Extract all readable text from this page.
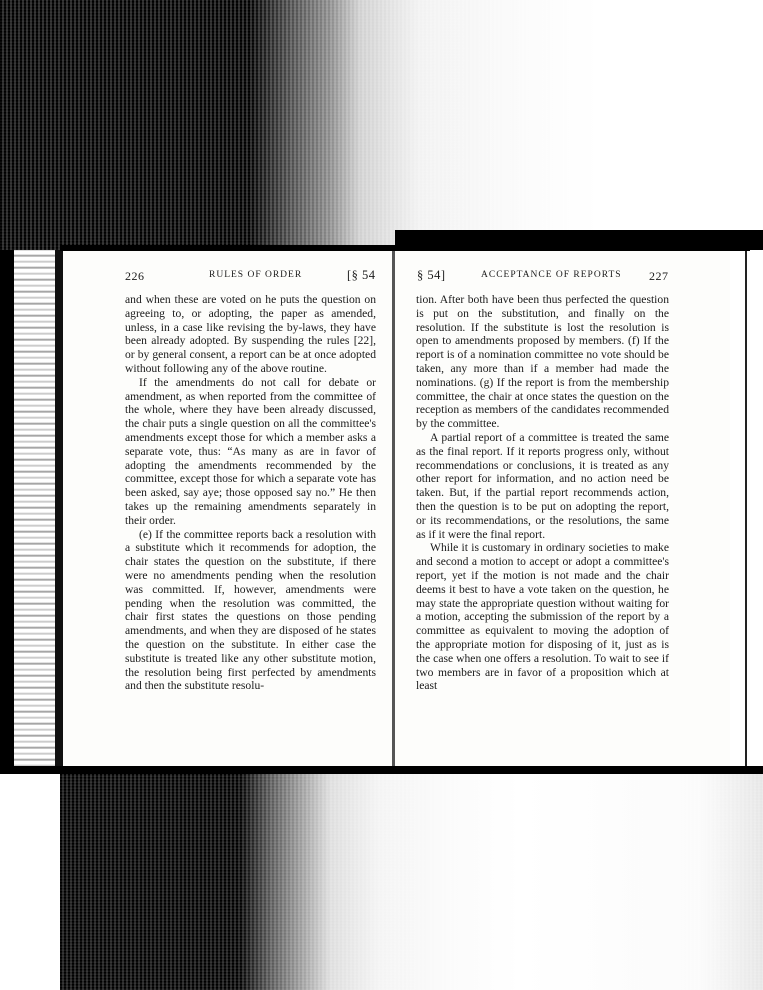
226	RULES OF ORDER	[§ 54

and when these are voted on he puts the question on agreeing to, or adopting, the paper as amended, unless, in a case like revising the by-laws, they have been already adopted. By suspending the rules [22], or by general consent, a report can be at once adopted without following any of the above routine.

If the amendments do not call for debate or amendment, as when reported from the committee of the whole, where they have been already discussed, the chair puts a single question on all the committee's amendments except those for which a member asks a separate vote, thus: “As many as are in favor of adopting the amendments recommended by the committee, except those for which a separate vote has been asked, say aye; those opposed say no.” He then takes up the remaining amendments separately in their order.

(e) If the committee reports back a resolution with a substitute which it recommends for adoption, the chair states the question on the substitute, if there were no amendments pending when the resolution was committed. If, however, amendments were pending when the resolution was committed, the chair first states the questions on those pending amendments, and when they are disposed of he states the question on the substitute. In either case the substitute is treated like any other substitute motion, the resolution being first perfected by amendments and then the substitute resolu-

§ 54]	ACCEPTANCE OF REPORTS 227

tion. After both have been thus perfected the question is put on the substitution, and finally on the resolution. If the substitute is lost the resolution is open to amendments proposed by members. (f) If the report is of a nomination committee no vote should be taken, any more than if a member had made the nominations. (g) If the report is from the membership committee, the chair at once states the question on the reception as members of the candidates recommended by the committee.

A partial report of a committee is treated the same as the final report. If it reports progress only, without recommendations or conclusions, it is treated as any other report for information, and no action need be taken. But, if the partial report recommends action, then the question is to be put on adopting the report, or its recommendations, or the resolutions, the same as if it were the final report.

While it is customary in ordinary societies to make and second a motion to accept or adopt a committee's report, yet if the motion is not made and the chair deems it best to have a vote taken on the question, he may state the appropriate question without waiting for a motion, accepting the submission of the report by a committee as equivalent to moving the adoption of the appropriate motion for disposing of it, just as is the case when one offers a resolution. To wait to see if two members are in favor of a proposition which at least
